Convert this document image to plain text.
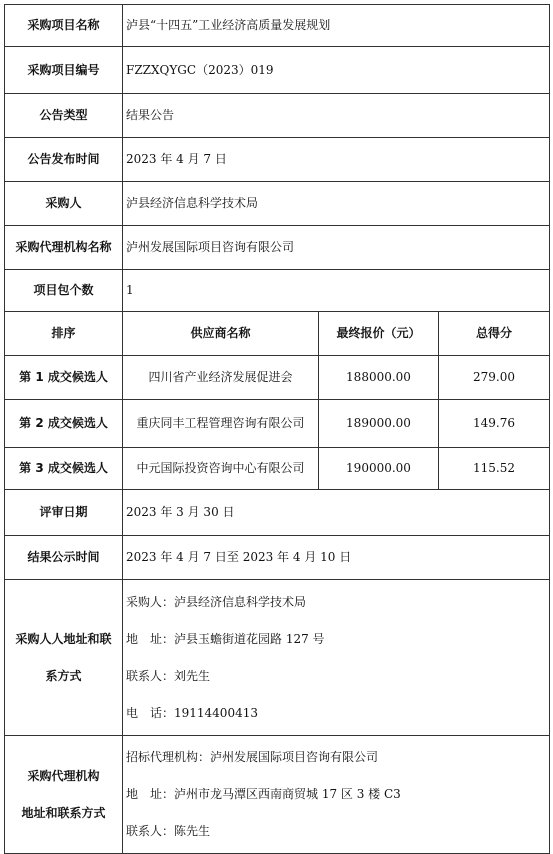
采购项目名称	泸县“十四五”工业经济高质量发展规划		
采购项目编号	FZZXQYGC（2023）019		
公告类型	结果公告		
公告发布时间	2023 年 4 月 7 日		
采购人	泸县经济信息科学技术局		
采购代理机构名称	泸州发展国际项目咨询有限公司		
项目包个数	1		
排序	供应商名称	最终报价（元）	总得分
第 1 成交候选人	四川省产业经济发展促进会	188000.00	279.00
第 2 成交候选人	重庆同丰工程管理咨询有限公司	189000.00	149.76
第 3 成交候选人	中元国际投资咨询中心有限公司	190000.00	115.52
评审日期	2023 年 3 月 30 日		
结果公示时间	2023 年 4 月 7 日至 2023 年 4 月 10 日		

采购人人地址和联
系方式	采购人：泸县经济信息科学技术局
地　址：泸县玉蟾街道花园路 127 号
联系人：刘先生
电　话：19114400413		

采购代理机构
地址和联系方式	招标代理机构：泸州发展国际项目咨询有限公司
地　址：泸州市龙马潭区西南商贸城 17 区 3 楼 C3
联系人：陈先生		
